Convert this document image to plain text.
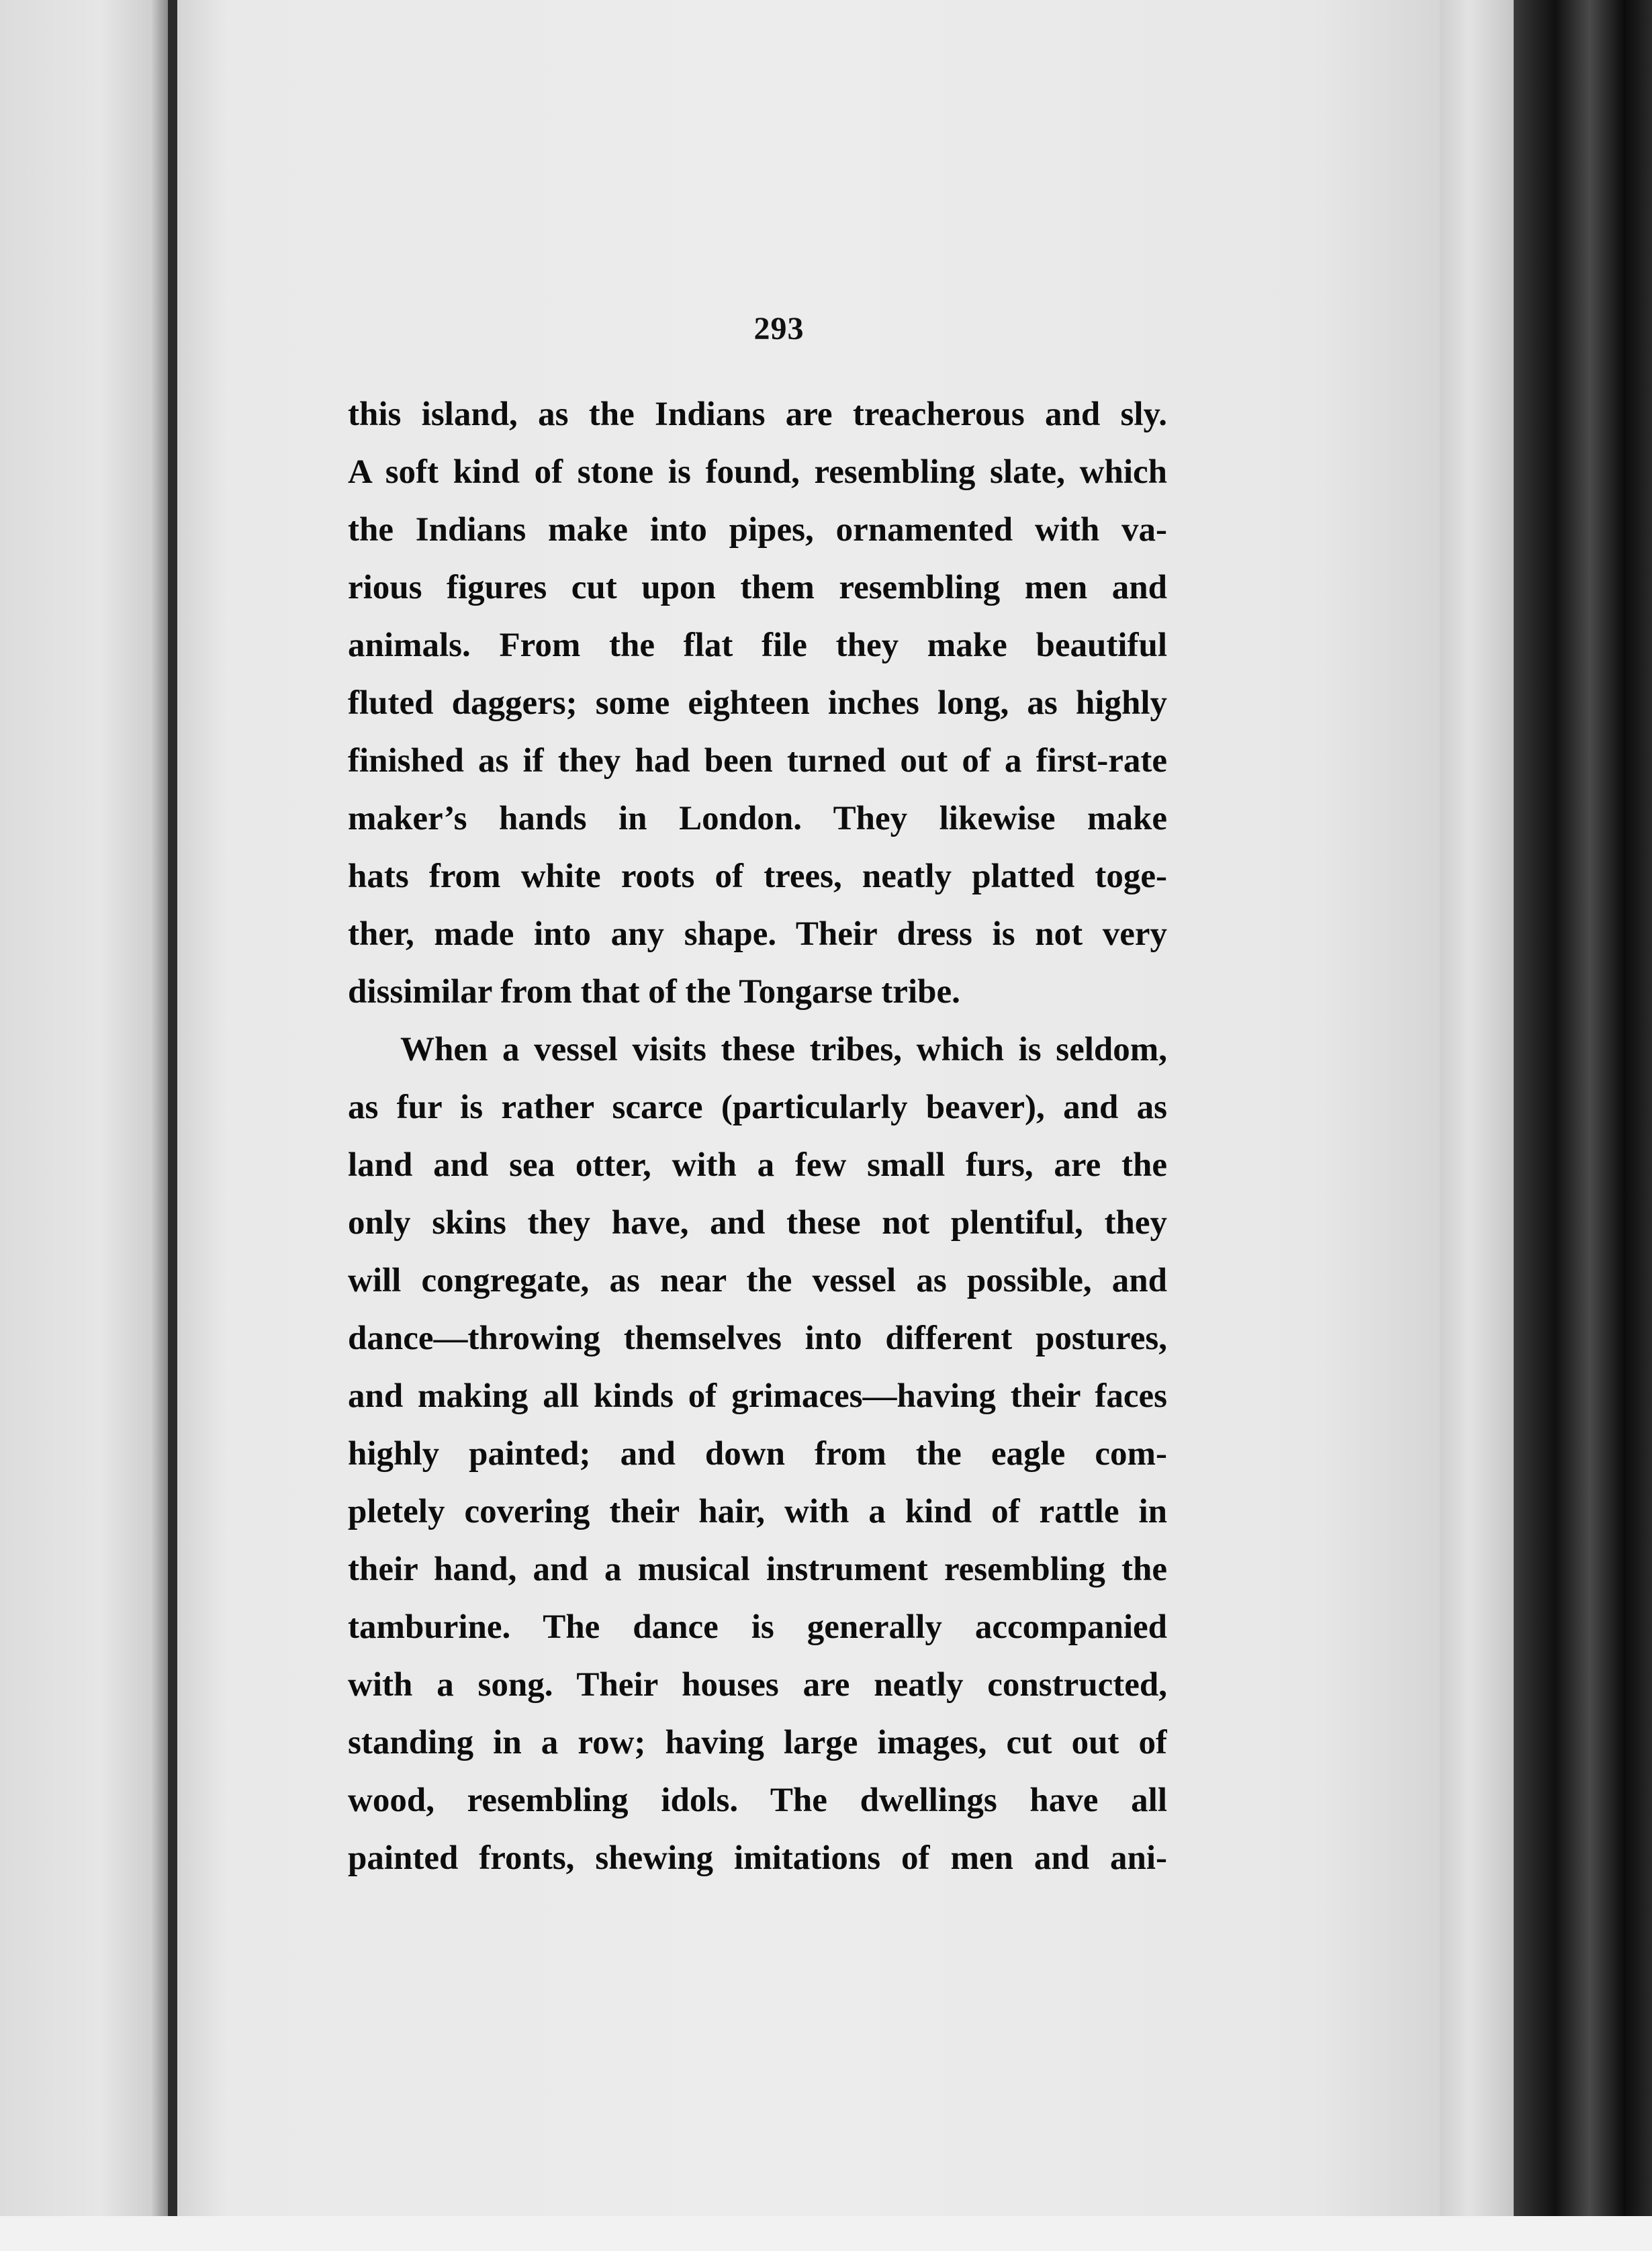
293
this island, as the Indians are treacherous and sly.
A soft kind of stone is found, resembling slate, which
the Indians make into pipes, ornamented with va-
rious figures cut upon them resembling men and
animals. From the flat file they make beautiful
fluted daggers; some eighteen inches long, as highly
finished as if they had been turned out of a first-rate
maker’s hands in London. They likewise make
hats from white roots of trees, neatly platted toge-
ther, made into any shape. Their dress is not very
dissimilar from that of the Tongarse tribe.
When a vessel visits these tribes, which is seldom,
as fur is rather scarce (particularly beaver), and as
land and sea otter, with a few small furs, are the
only skins they have, and these not plentiful, they
will congregate, as near the vessel as possible, and
dance—throwing themselves into different postures,
and making all kinds of grimaces—having their faces
highly painted; and down from the eagle com-
pletely covering their hair, with a kind of rattle in
their hand, and a musical instrument resembling the
tamburine. The dance is generally accompanied
with a song. Their houses are neatly constructed,
standing in a row; having large images, cut out of
wood, resembling idols. The dwellings have all
painted fronts, shewing imitations of men and ani-
